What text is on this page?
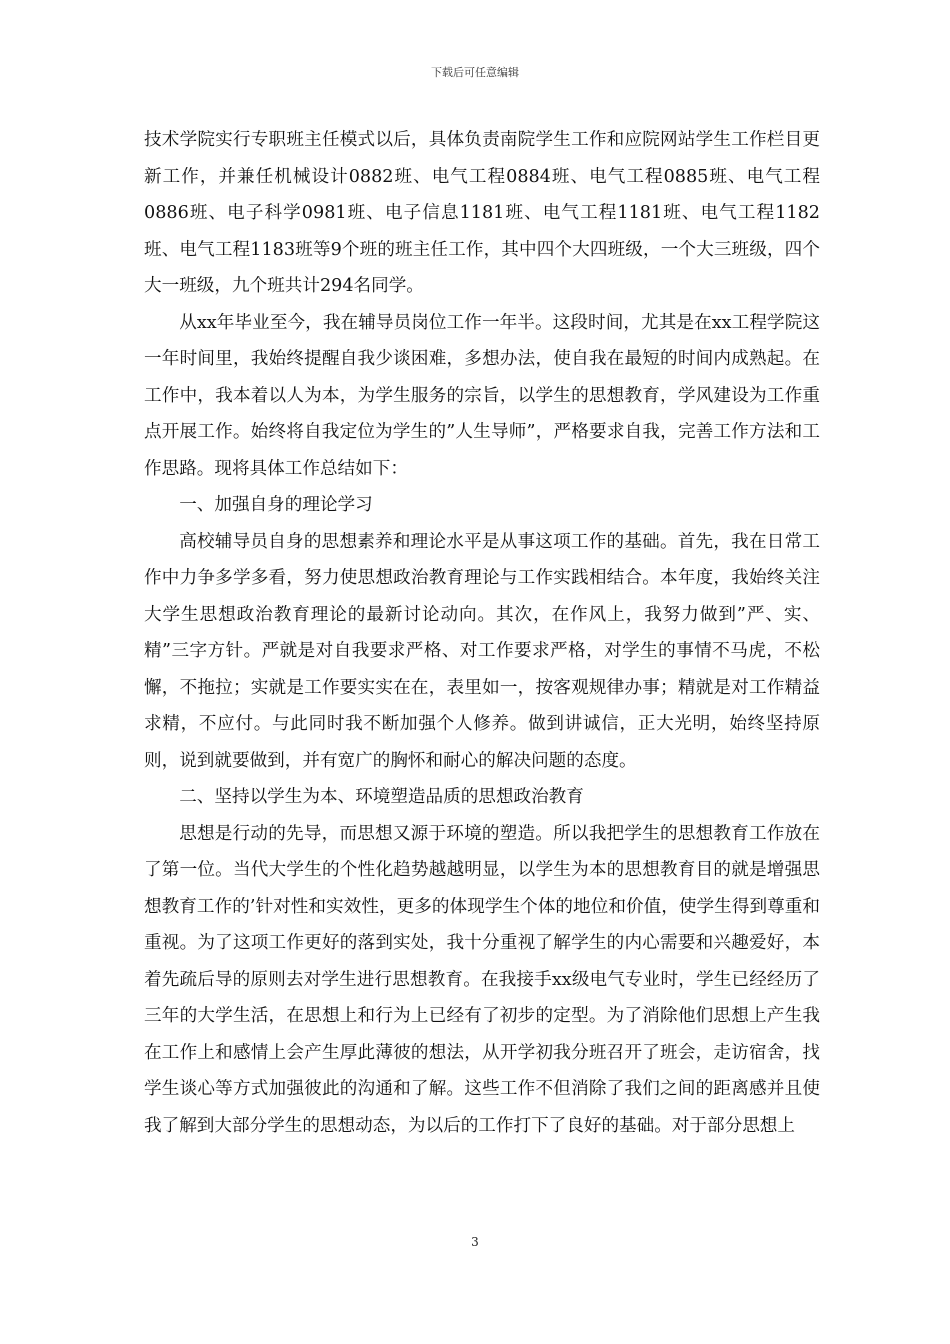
下载后可任意编辑

技术学院实行专职班主任模式以后，具体负责南院学生工作和应院网站学生工作栏目更新工作，并兼任机械设计0882班、电气工程0884班、电气工程0885班、电气工程0886班、电子科学0981班、电子信息1181班、电气工程1181班、电气工程1182班、电气工程1183班等9个班的班主任工作，其中四个大四班级，一个大三班级，四个大一班级，九个班共计294名同学。

从xx年毕业至今，我在辅导员岗位工作一年半。这段时间，尤其是在xx工程学院这一年时间里，我始终提醒自我少谈困难，多想办法，使自我在最短的时间内成熟起。在工作中，我本着以人为本，为学生服务的宗旨，以学生的思想教育，学风建设为工作重点开展工作。始终将自我定位为学生的”人生导师”，严格要求自我，完善工作方法和工作思路。现将具体工作总结如下：

一、加强自身的理论学习

高校辅导员自身的思想素养和理论水平是从事这项工作的基础。首先，我在日常工作中力争多学多看，努力使思想政治教育理论与工作实践相结合。本年度，我始终关注大学生思想政治教育理论的最新讨论动向。其次，在作风上，我努力做到”严、实、精”三字方针。严就是对自我要求严格、对工作要求严格，对学生的事情不马虎，不松懈，不拖拉；实就是工作要实实在在，表里如一，按客观规律办事；精就是对工作精益求精，不应付。与此同时我不断加强个人修养。做到讲诚信，正大光明，始终坚持原则，说到就要做到，并有宽广的胸怀和耐心的解决问题的态度。

二、坚持以学生为本、环境塑造品质的思想政治教育

思想是行动的先导，而思想又源于环境的塑造。所以我把学生的思想教育工作放在了第一位。当代大学生的个性化趋势越越明显，以学生为本的思想教育目的就是增强思想教育工作的’针对性和实效性，更多的体现学生个体的地位和价值，使学生得到尊重和重视。为了这项工作更好的落到实处，我十分重视了解学生的内心需要和兴趣爱好，本着先疏后导的原则去对学生进行思想教育。在我接手xx级电气专业时，学生已经经历了三年的大学生活，在思想上和行为上已经有了初步的定型。为了消除他们思想上产生我在工作上和感情上会产生厚此薄彼的想法，从开学初我分班召开了班会，走访宿舍，找学生谈心等方式加强彼此的沟通和了解。这些工作不但消除了我们之间的距离感并且使我了解到大部分学生的思想动态，为以后的工作打下了良好的基础。对于部分思想上

3
